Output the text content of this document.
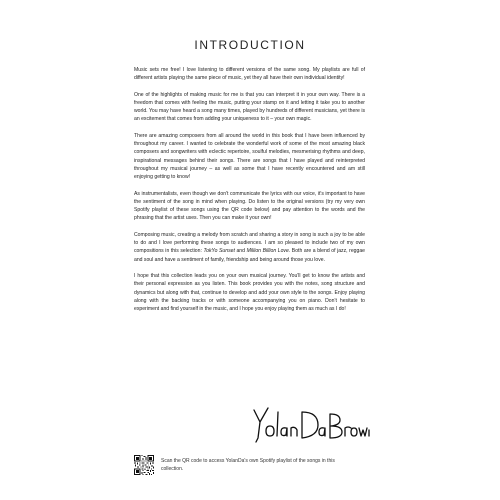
INTRODUCTION

Music sets me free! I love listening to different versions of the same song. My playlists are full of different artists playing the same piece of music, yet they all have their own individual identity!

One of the highlights of making music for me is that you can interpret it in your own way. There is a freedom that comes with feeling the music, putting your stamp on it and letting it take you to another world. You may have heard a song many times, played by hundreds of different musicians, yet there is an excitement that comes from adding your uniqueness to it – your own magic.

There are amazing composers from all around the world in this book that I have been influenced by throughout my career. I wanted to celebrate the wonderful work of some of the most amazing black composers and songwriters with eclectic repertoire, soulful melodies, mesmerising rhythms and deep, inspirational messages behind their songs. There are songs that I have played and reinterpreted throughout my musical journey – as well as some that I have recently encountered and am still enjoying getting to know!

As instrumentalists, even though we don't communicate the lyrics with our voice, it's important to have the sentiment of the song in mind when playing. Do listen to the original versions (try my very own Spotify playlist of these songs using the QR code below) and pay attention to the words and the phrasing that the artist uses. Then you can make it your own!

Composing music, creating a melody from scratch and sharing a story in song is such a joy to be able to do and I love performing these songs to audiences. I am so pleased to include two of my own compositions in this selection: TokYo Sunset and Million Billion Love. Both are a blend of jazz, reggae and soul and have a sentiment of family, friendship and being around those you love.

I hope that this collection leads you on your own musical journey. You'll get to know the artists and their personal expression as you listen. This book provides you with the notes, song structure and dynamics but along with that, continue to develop and add your own style to the songs. Enjoy playing along with the backing tracks or with someone accompanying you on piano. Don't hesitate to experiment and find yourself in the music, and I hope you enjoy playing them as much as I do!

Scan the QR code to access YolanDa's own Spotify playlist of the songs in this collection.
